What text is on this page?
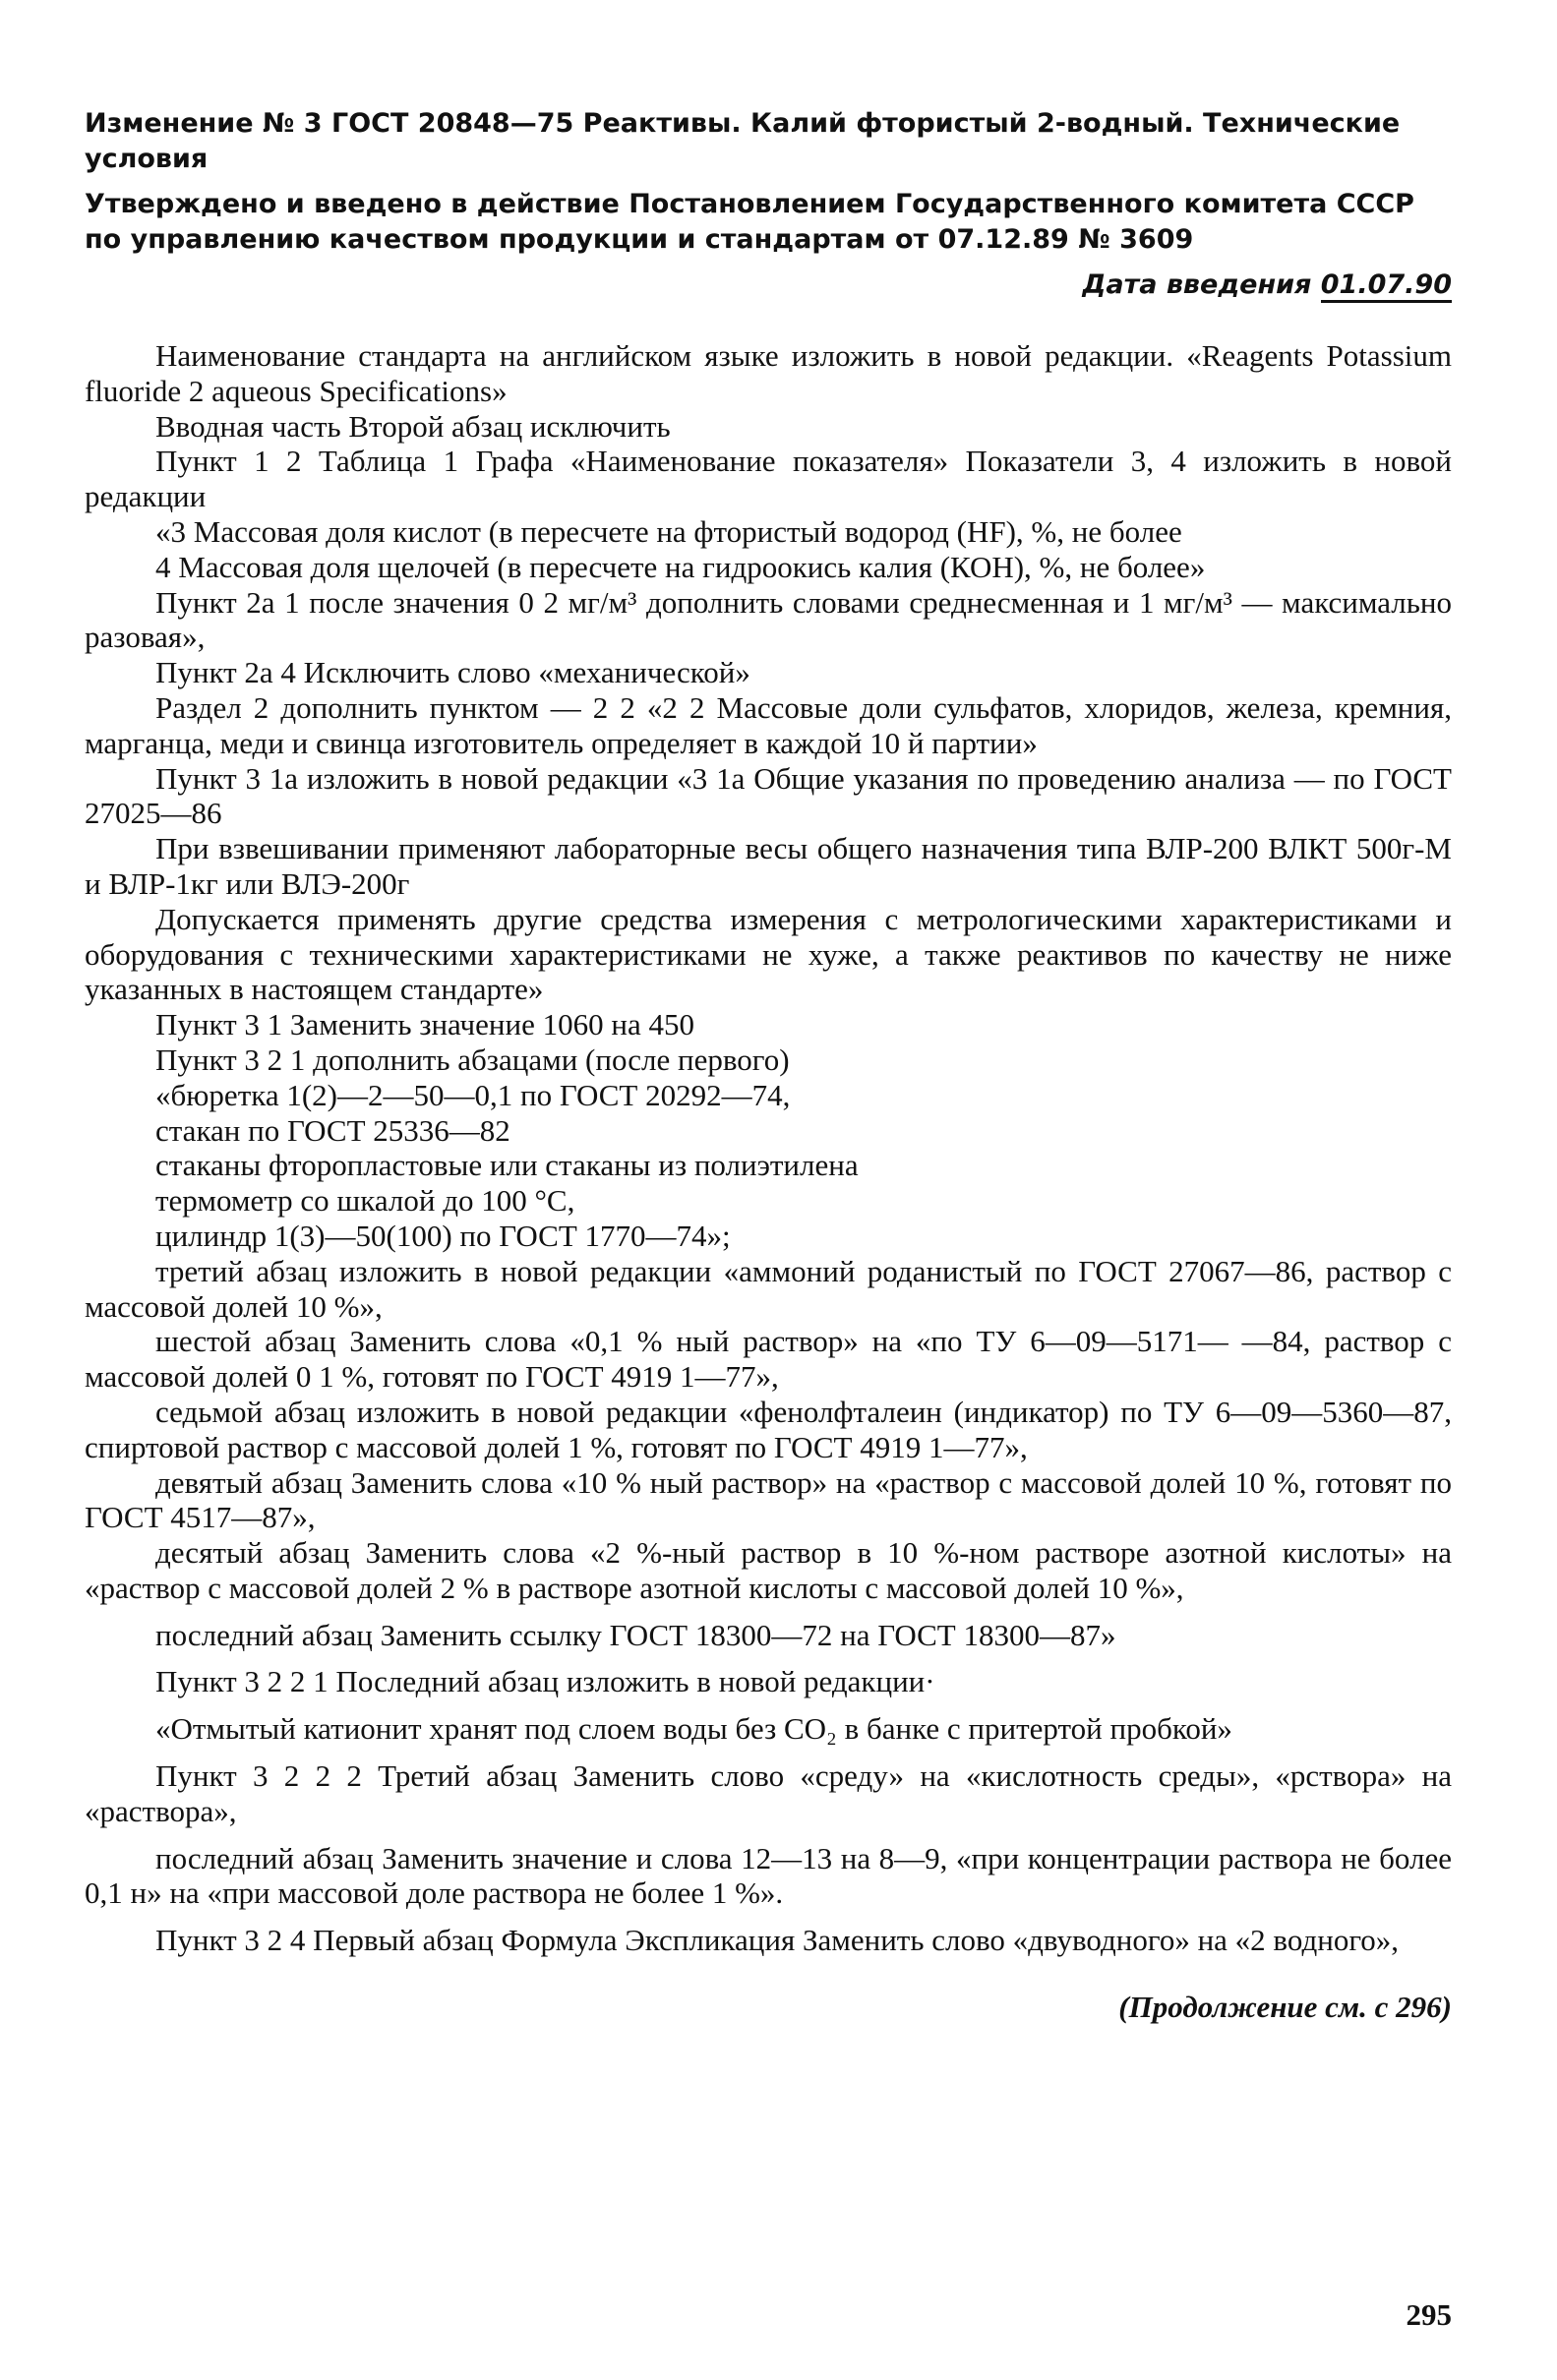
Изменение № 3 ГОСТ 20848—75 Реактивы. Калий фтористый 2-водный. Технические условия

Утверждено и введено в действие Постановлением Государственного комитета СССР по управлению качеством продукции и стандартам от 07.12.89 № 3609

Дата введения 01.07.90

Наименование стандарта на английском языке изложить в новой редакции. «Reagents Potassium fluoride 2 aqueous Specifications»

Вводная часть Второй абзац исключить

Пункт 1 2 Таблица 1 Графа «Наименование показателя» Показатели 3, 4 изложить в новой редакции

«3 Массовая доля кислот (в пересчете на фтористый водород (HF), %, не более

4 Массовая доля щелочей (в пересчете на гидроокись калия (КОН), %, не более»

Пункт 2а 1 после значения 0 2 мг/м³ дополнить словами среднесменная и 1 мг/м³ — максимально разовая»,

Пункт 2а 4 Исключить слово «механической»

Раздел 2 дополнить пунктом — 2 2 «2 2 Массовые доли сульфатов, хлоридов, железа, кремния, марганца, меди и свинца изготовитель определяет в каждой 10 й партии»

Пункт 3 1а изложить в новой редакции «3 1а Общие указания по проведению анализа — по ГОСТ 27025—86

При взвешивании применяют лабораторные весы общего назначения типа ВЛР-200 ВЛКТ 500г-М и ВЛР-1кг или ВЛЭ-200г

Допускается применять другие средства измерения с метрологическими характеристиками и оборудования с техническими характеристиками не хуже, а также реактивов по качеству не ниже указанных в настоящем стандарте»

Пункт 3 1 Заменить значение 1060 на 450

Пункт 3 2 1 дополнить абзацами (после первого)

«бюретка 1(2)—2—50—0,1 по ГОСТ 20292—74,

стакан по ГОСТ 25336—82

стаканы фторопластовые или стаканы из полиэтилена

термометр со шкалой до 100 °С,

цилиндр 1(3)—50(100) по ГОСТ 1770—74»;

третий абзац изложить в новой редакции «аммоний роданистый по ГОСТ 27067—86, раствор с массовой долей 10 %»,

шестой абзац Заменить слова «0,1 % ный раствор» на «по ТУ 6—09—5171— —84, раствор с массовой долей 0 1 %, готовят по ГОСТ 4919 1—77»,

седьмой абзац изложить в новой редакции «фенолфталеин (индикатор) по ТУ 6—09—5360—87, спиртовой раствор с массовой долей 1 %, готовят по ГОСТ 4919 1—77»,

девятый абзац Заменить слова «10 % ный раствор» на «раствор с массовой долей 10 %, готовят по ГОСТ 4517—87»,

десятый абзац Заменить слова «2 %-ный раствор в 10 %-ном растворе азотной кислоты» на «раствор с массовой долей 2 % в растворе азотной кислоты с массовой долей 10 %»,

последний абзац Заменить ссылку ГОСТ 18300—72 на ГОСТ 18300—87»

Пункт 3 2 2 1 Последний абзац изложить в новой редакции·

«Отмытый катионит хранят под слоем воды без CO₂ в банке с притертой пробкой»

Пункт 3 2 2 2 Третий абзац Заменить слово «среду» на «кислотность среды», «рствора» на «раствора»,

последний абзац Заменить значение и слова 12—13 на 8—9, «при концентрации раствора не более 0,1 н» на «при массовой доле раствора не более 1 %».

Пункт 3 2 4 Первый абзац Формула Экспликация Заменить слово «двуводного» на «2 водного»,

(Продолжение см. с 296)
295
